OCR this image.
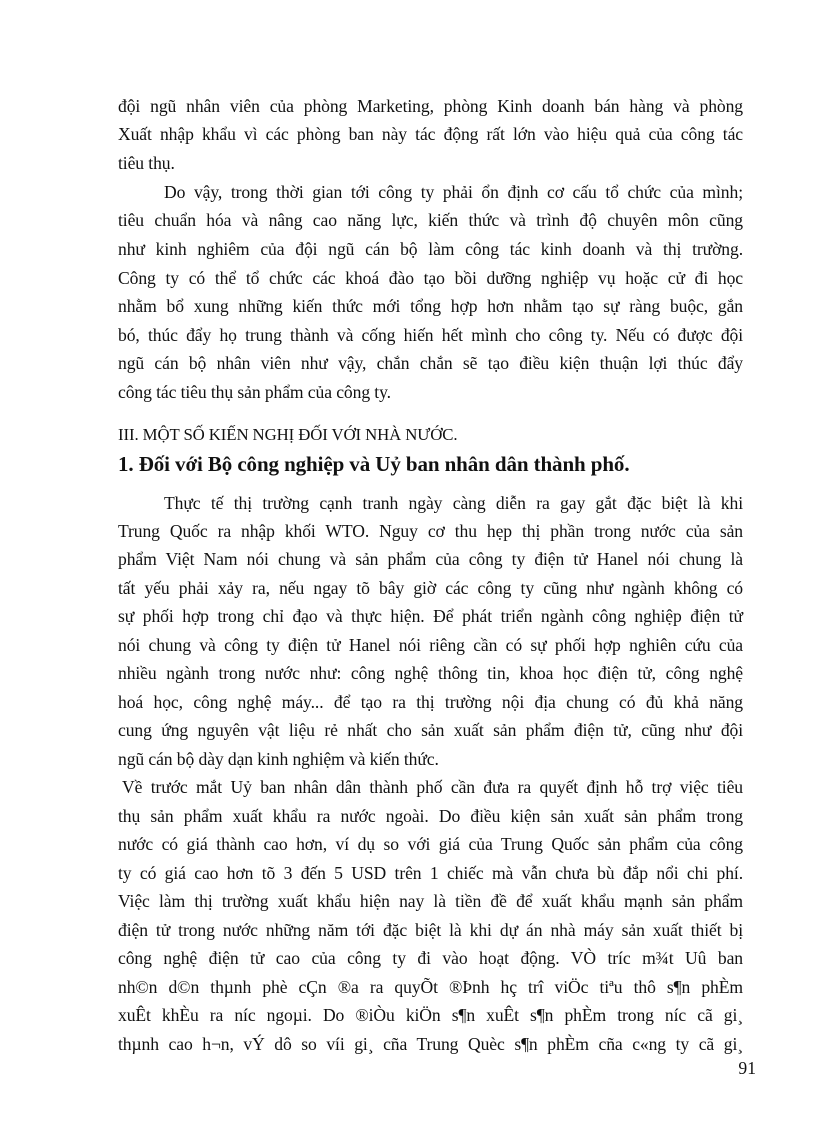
đội ngũ nhân viên của phòng Marketing, phòng Kinh doanh bán hàng và phòng
Xuất nhập khẩu vì các phòng ban này tác động rất lớn vào hiệu quả của công tác
tiêu thụ.
Do vậy, trong thời gian tới công ty phải ổn định cơ cấu tổ chức của mình;
tiêu chuẩn hóa và nâng cao năng lực, kiến thức và trình độ chuyên môn cũng
như kinh nghiêm của đội ngũ cán bộ làm công tác kinh doanh và thị trường.
Công ty có thể tổ chức các khoá đào tạo bồi dưỡng nghiệp vụ hoặc cử đi học
nhằm bổ xung những kiến thức mới tổng hợp hơn nhằm tạo sự ràng buộc, gắn
bó, thúc đẩy họ trung thành và cống hiến hết mình cho công ty. Nếu có được đội
ngũ cán bộ nhân viên như vậy, chắn chắn sẽ tạo điều kiện thuận lợi thúc đẩy
công tác tiêu thụ sản phẩm của công ty.
III. MỘT SỐ KIẾN NGHỊ ĐỐI VỚI NHÀ NƯỚC.
1. Đối với Bộ công nghiệp và Uỷ ban nhân dân thành phố.
Thực tế thị trường cạnh tranh ngày càng diễn ra gay gắt đặc biệt là khi
Trung Quốc ra nhập khối WTO. Nguy cơ thu hẹp thị phần trong nước của sản
phẩm Việt Nam nói chung và sản phẩm của công ty điện tử Hanel nói chung là
tất yếu phải xảy ra, nếu ngay tõ bây giờ các công ty cũng như ngành không có
sự phối hợp trong chỉ đạo và thực hiện. Để phát triển ngành công nghiệp điện tử
nói chung và công ty điện tử Hanel nói riêng cần có sự phối hợp nghiên cứu của
nhiều ngành trong nước như: công nghệ thông tin, khoa học điện tử, công nghệ
hoá học, công nghệ máy... để tạo ra thị trường nội địa chung có đủ khả năng
cung ứng nguyên vật liệu rẻ nhất cho sản xuất sản phẩm điện tử, cũng như đội
ngũ cán bộ dày dạn kinh nghiệm và kiến thức.
Về trước mắt Uỷ ban nhân dân thành phố cần đưa ra quyết định hỗ trợ việc tiêu
thụ sản phẩm xuất khẩu ra nước ngoài. Do điều kiện sản xuất sản phẩm trong
nước có giá thành cao hơn, ví dụ so với giá của Trung Quốc sản phẩm của công
ty có giá cao hơn tõ 3 đến 5 USD trên 1 chiếc mà vẫn chưa bù đắp nổi chi phí.
Việc làm thị trường xuất khẩu hiện nay là tiền đề để xuất khẩu mạnh sản phẩm
điện tử trong nước những năm tới đặc biệt là khi dự án nhà máy sản xuất thiết bị
công nghệ điện tử cao của công ty đi vào hoạt động. VÒ tríc m¾t Uû ban
nh©n d©n thµnh phè cÇn ®a ra quyÕt ®Þnh hç trî viÖc tiªu thô s¶n phÈm
xuÊt khÈu ra níc ngoµi. Do ®iÒu kiÖn s¶n xuÊt s¶n phÈm trong níc cã gi¸
thµnh cao h¬n, vÝ dô so víi gi¸ cña Trung Quèc s¶n phÈm cña c«ng ty cã gi¸
91
